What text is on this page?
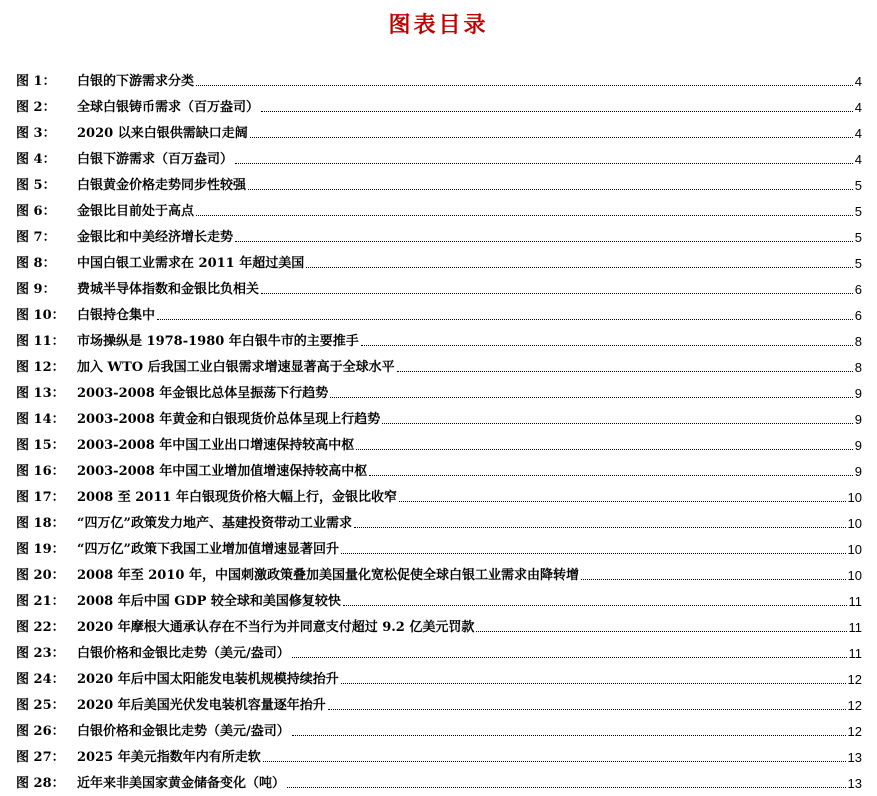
图表目录
图 1：	白银的下游需求分类	4
图 2：	全球白银铸币需求（百万盎司）	4
图 3：	2020 以来白银供需缺口走阔	4
图 4：	白银下游需求（百万盎司）	4
图 5：	白银黄金价格走势同步性较强	5
图 6：	金银比目前处于高点	5
图 7：	金银比和中美经济增长走势	5
图 8：	中国白银工业需求在 2011 年超过美国	5
图 9：	费城半导体指数和金银比负相关	6
图 10： 白银持仓集中	6
图 11： 市场操纵是 1978-1980 年白银牛市的主要推手	8
图 12： 加入 WTO 后我国工业白银需求增速显著高于全球水平	8
图 13： 2003-2008 年金银比总体呈振荡下行趋势	9
图 14： 2003-2008 年黄金和白银现货价总体呈现上行趋势	9
图 15： 2003-2008 年中国工业出口增速保持较高中枢	9
图 16： 2003-2008 年中国工业增加值增速保持较高中枢	9
图 17： 2008 至 2011 年白银现货价格大幅上行，金银比收窄	10
图 18： “四万亿”政策发力地产、基建投资带动工业需求	10
图 19： “四万亿”政策下我国工业增加值增速显著回升	10
图 20： 2008 年至 2010 年，中国刺激政策叠加美国量化宽松促使全球白银工业需求由降转增	10
图 21： 2008 年后中国 GDP 较全球和美国修复较快	11
图 22： 2020 年摩根大通承认存在不当行为并同意支付超过 9.2 亿美元罚款	11
图 23： 白银价格和金银比走势（美元/盎司）	11
图 24： 2020 年后中国太阳能发电装机规模持续抬升	12
图 25： 2020 年后美国光伏发电装机容量逐年抬升	12
图 26： 白银价格和金银比走势（美元/盎司）	12
图 27： 2025 年美元指数年内有所走软	13
图 28： 近年来非美国家黄金储备变化（吨）	13
